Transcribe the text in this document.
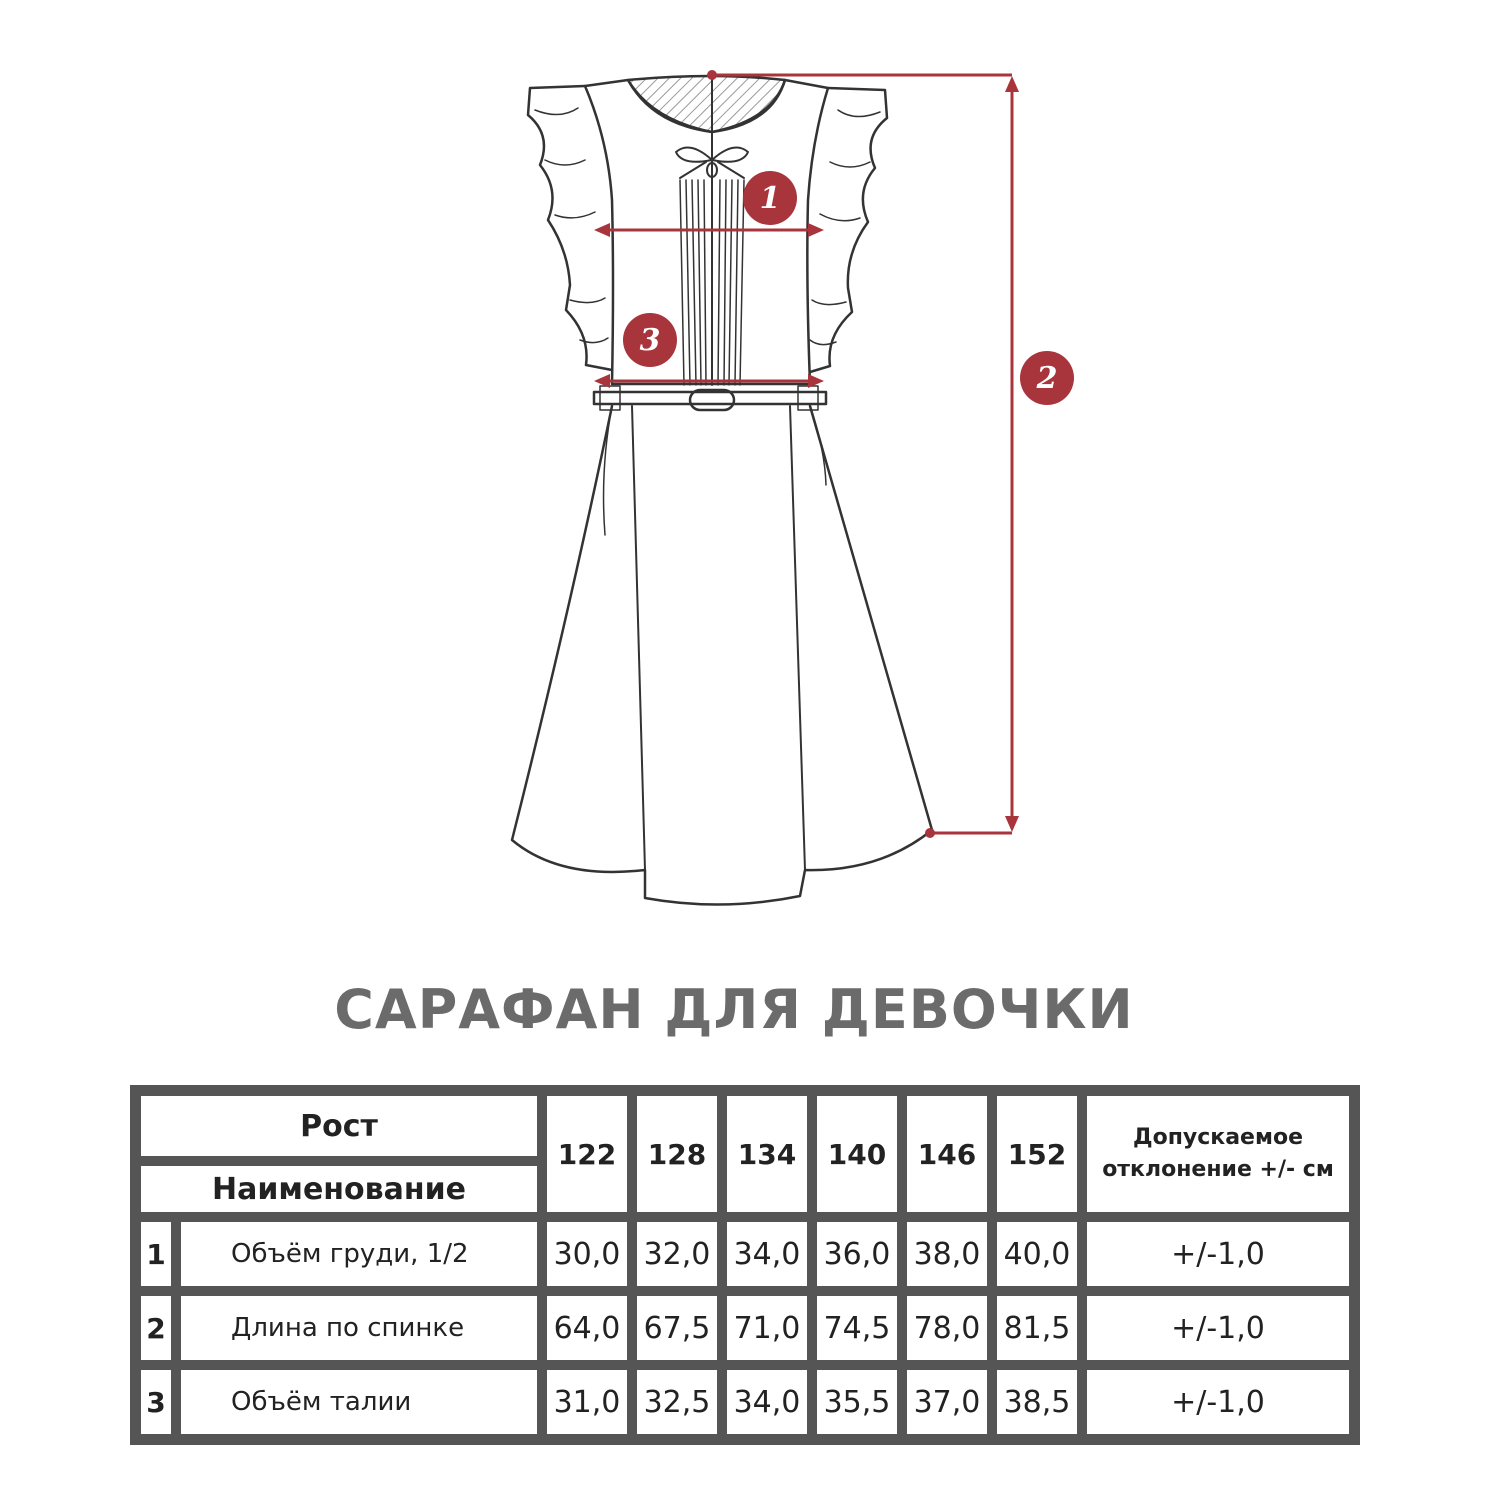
1
3
2
САРАФАН ДЛЯ ДЕВОЧКИ
Рост		122	128	134	140	146	152	Допускаемое
отклонение +/- см

Наименование								
1	Объём груди, 1/2	30,0	32,0	34,0	36,0	38,0	40,0	+/-1,0
2	Длина по спинке	64,0	67,5	71,0	74,5	78,0	81,5	+/-1,0
3	Объём талии	31,0	32,5	34,0	35,5	37,0	38,5	+/-1,0
